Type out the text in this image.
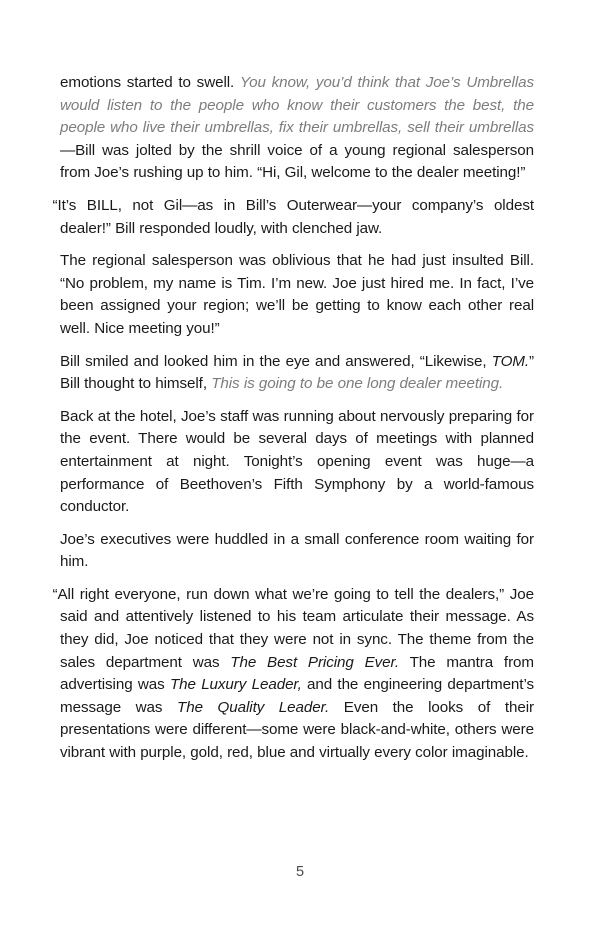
emotions started to swell. You know, you’d think that Joe’s Umbrellas would listen to the people who know their customers the best, the people who live their umbrellas, fix their umbrellas, sell their umbrellas —Bill was jolted by the shrill voice of a young regional salesperson from Joe’s rushing up to him. “Hi, Gil, welcome to the dealer meeting!”

“It’s BILL, not Gil—as in Bill’s Outerwear—your company’s oldest dealer!” Bill responded loudly, with clenched jaw.

The regional salesperson was oblivious that he had just insulted Bill. “No problem, my name is Tim. I’m new. Joe just hired me. In fact, I’ve been assigned your region; we’ll be getting to know each other real well. Nice meeting you!”

Bill smiled and looked him in the eye and answered, “Likewise, TOM.” Bill thought to himself, This is going to be one long dealer meeting.

Back at the hotel, Joe’s staff was running about nervously preparing for the event. There would be several days of meetings with planned entertainment at night. Tonight’s opening event was huge—a performance of Beethoven’s Fifth Symphony by a world-famous conductor.

Joe’s executives were huddled in a small conference room waiting for him.

“All right everyone, run down what we’re going to tell the dealers,” Joe said and attentively listened to his team articulate their message. As they did, Joe noticed that they were not in sync. The theme from the sales department was The Best Pricing Ever. The mantra from advertising was The Luxury Leader, and the engineering department’s message was The Quality Leader. Even the looks of their presentations were different—some were black-and-white, others were vibrant with purple, gold, red, blue and virtually every color imaginable.

5
